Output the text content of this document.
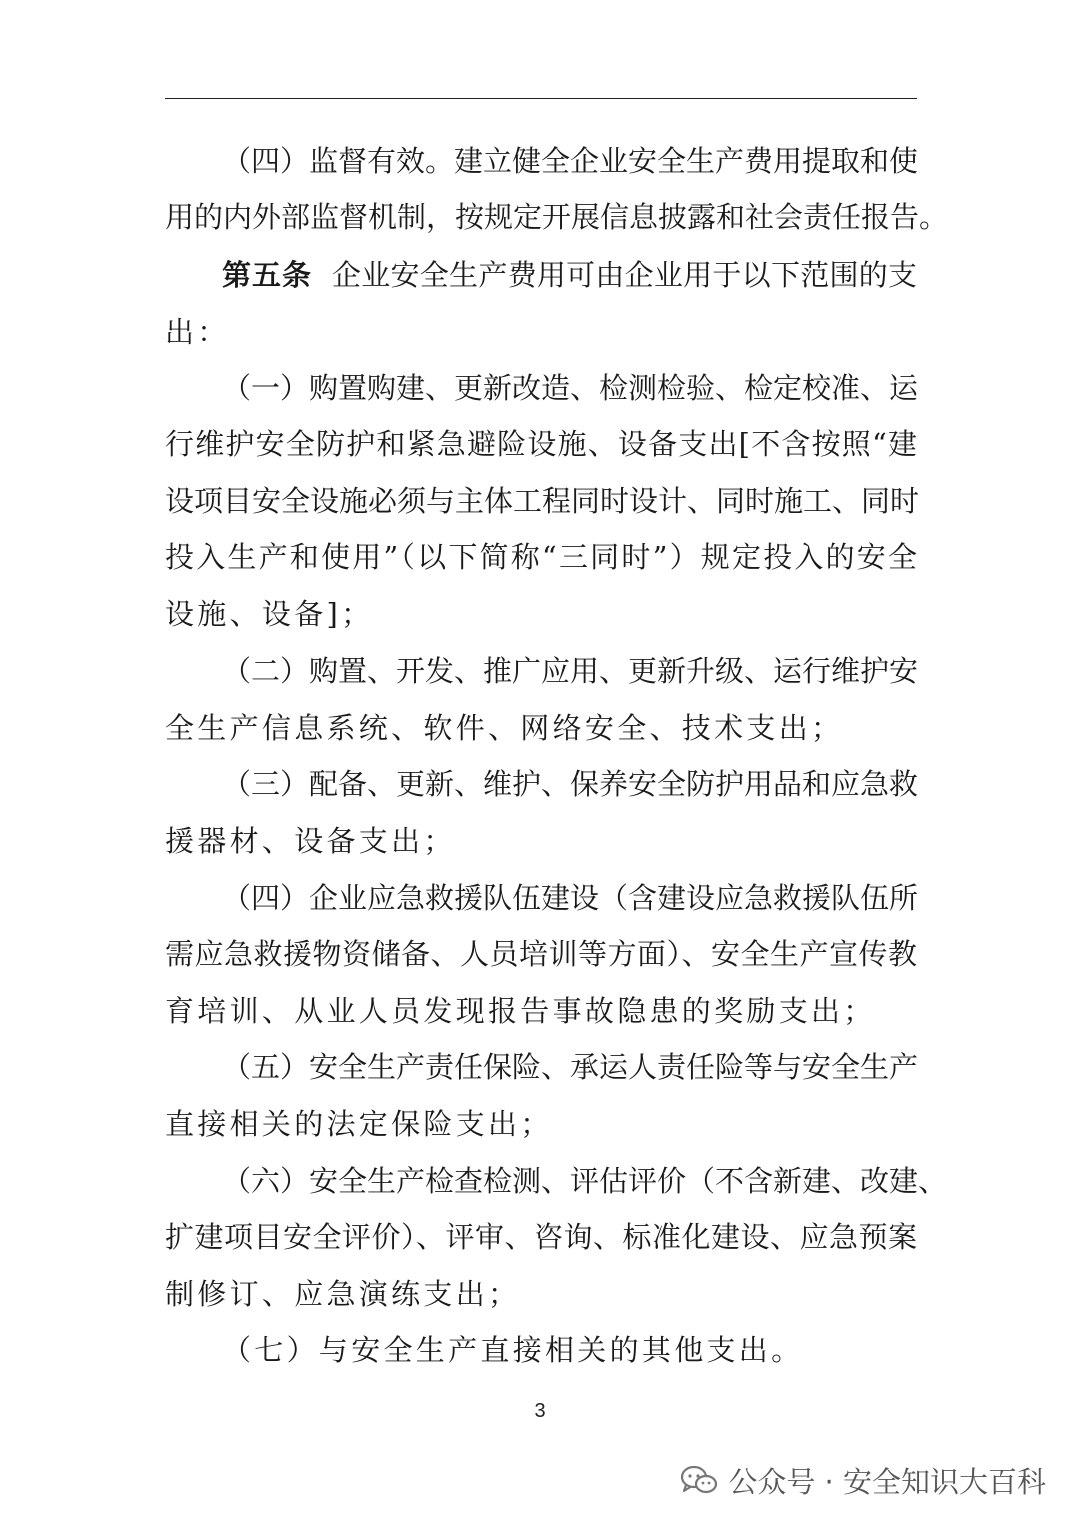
（四）监督有效。建立健全企业安全生产费用提取和使
用的内外部监督机制，按规定开展信息披露和社会责任报告。
第五条 企业安全生产费用可由企业用于以下范围的支
出：
（一）购置购建、更新改造、检测检验、检定校准、运
行维护安全防护和紧急避险设施、设备支出[不含按照“建
设项目安全设施必须与主体工程同时设计、同时施工、同时
投入生产和使用”（以下简称“三同时”）规定投入的安全
设施、设备]；
（二）购置、开发、推广应用、更新升级、运行维护安
全生产信息系统、软件、网络安全、技术支出；
（三）配备、更新、维护、保养安全防护用品和应急救
援器材、设备支出；
（四）企业应急救援队伍建设（含建设应急救援队伍所
需应急救援物资储备、人员培训等方面）、安全生产宣传教
育培训、从业人员发现报告事故隐患的奖励支出；
（五）安全生产责任保险、承运人责任险等与安全生产
直接相关的法定保险支出；
（六）安全生产检查检测、评估评价（不含新建、改建、
扩建项目安全评价）、评审、咨询、标准化建设、应急预案
制修订、应急演练支出；
（七）与安全生产直接相关的其他支出。
3
公众号 · 安全知识大百科
